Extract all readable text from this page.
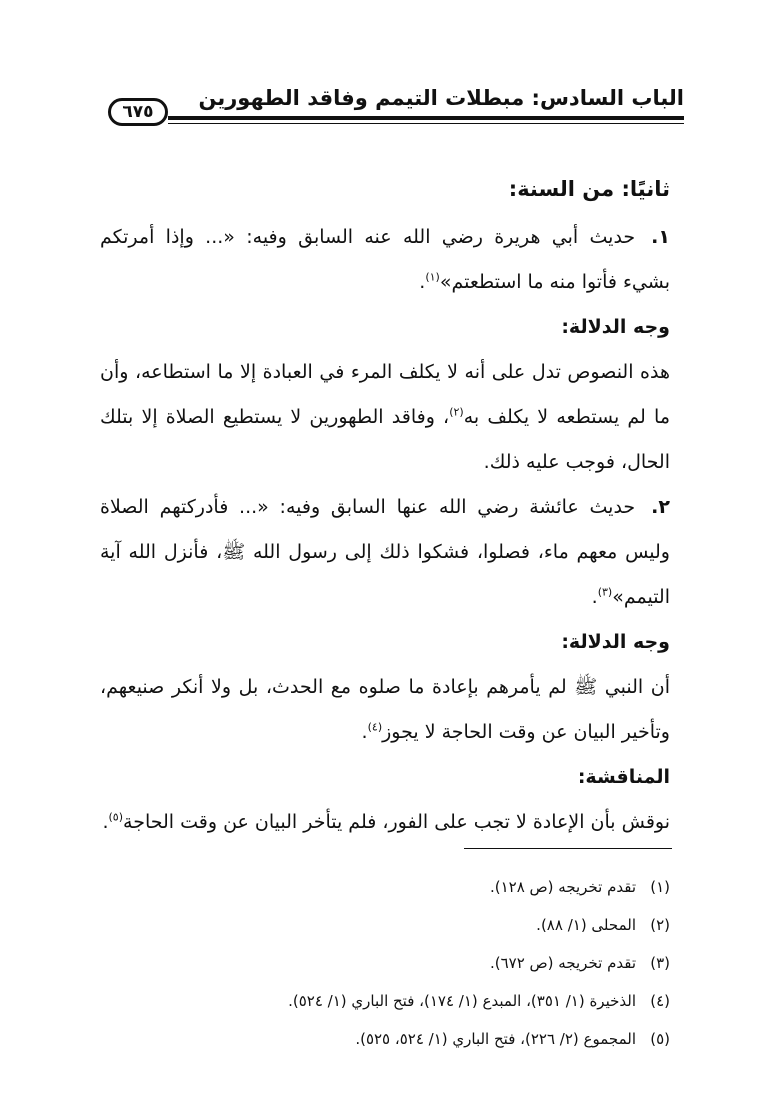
الباب السادس: مبطلات التيمم وفاقد الطهورين
٦٧٥

ثانيًا: من السنة:

١.حديث أبي هريرة رضي الله عنه السابق وفيه: «... وإذا أمرتكم بشيء فأتوا منه ما استطعتم»$^{(١)}$.

وجه الدلالة:

هذه النصوص تدل على أنه لا يكلف المرء في العبادة إلا ما استطاعه، وأن ما لم يستطعه لا يكلف به$^{(٢)}$، وفاقد الطهورين لا يستطيع الصلاة إلا بتلك الحال، فوجب عليه ذلك.

٢.حديث عائشة رضي الله عنها السابق وفيه: «... فأدركتهم الصلاة وليس معهم ماء، فصلوا، فشكوا ذلك إلى رسول الله ﷺ، فأنزل الله آية التيمم»$^{(٣)}$.

وجه الدلالة:

أن النبي ﷺ لم يأمرهم بإعادة ما صلوه مع الحدث، بل ولا أنكر صنيعهم، وتأخير البيان عن وقت الحاجة لا يجوز$^{(٤)}$.

المناقشة:

نوقش بأن الإعادة لا تجب على الفور، فلم يتأخر البيان عن وقت الحاجة$^{(٥)}$.

(١)تقدم تخريجه (ص ١٢٨).

(٢)المحلى (١/ ٨٨).

(٣)تقدم تخريجه (ص ٦٧٢).

(٤)الذخيرة (١/ ٣٥١)، المبدع (١/ ١٧٤)، فتح الباري (١/ ٥٢٤).

(٥)المجموع (٢/ ٢٢٦)، فتح الباري (١/ ٥٢٤، ٥٢٥).
